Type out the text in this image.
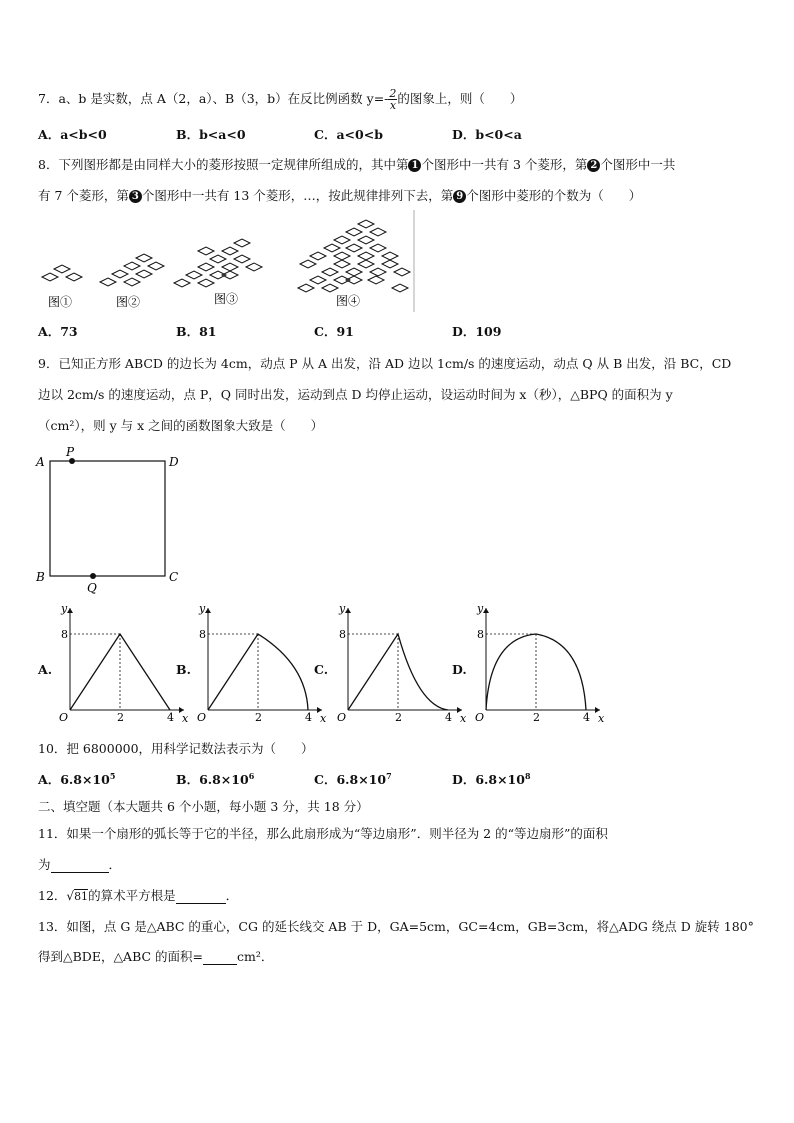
7．a、b 是实数，点 A（2，a）、B（3，b）在反比例函数 $y=- \frac{2}{x}$ 的图象上，则（　　）
A．a<b<0	B．b<a<0	C．a<0<b	D．b<0<a
8．下列图形都是由同样大小的菱形按照一定规律所组成的，其中第 1 个图形中一共有 3 个菱形，第 2 个图形中一共
有 7 个菱形，第 3 个图形中一共有 13 个菱形，…，按此规律排列下去，第 9 个图形中菱形的个数为（　　）
图①	图②	图③	图④
A．73	B．81	C．91	D．109
9．已知正方形 ABCD 的边长为 4cm，动点 P 从 A 出发，沿 AD 边以 1cm/s 的速度运动，动点 Q 从 B 出发，沿 BC，CD
边以 2cm/s 的速度运动，点 P，Q 同时出发，运动到点 D 均停止运动，设运动时间为 x（秒），△BPQ 的面积为 y
（cm²），则 y 与 x 之间的函数图象大致是（　　）
A
P
D
B
Q
C
A.	B.	C.	D.
y
x
O
8
2	4
y
x
O
8
2	4
y
x
O
8
2	4
y
x
O
8
2	4
10．把 6800000，用科学记数法表示为（　　）
A．$6.8\times 10^5$	B．$6.8\times 10^6$	C．$6.8\times 10^7$	D．$6.8\times 10^8$
二、填空题（本大题共 6 个小题，每小题 3 分，共 18 分）
11．如果一个扇形的弧长等于它的半径，那么此扇形成为“等边扇形”．则半径为 2 的“等边扇形”的面积
为	．
12．√81的算术平方根是	．
13．如图，点 G 是△ABC 的重心，CG 的延长线交 AB 于 D，GA=5cm，GC=4cm，GB=3cm，将△ADG 绕点 D 旋转 180°
得到△BDE，△ABC 的面积=	cm²．
